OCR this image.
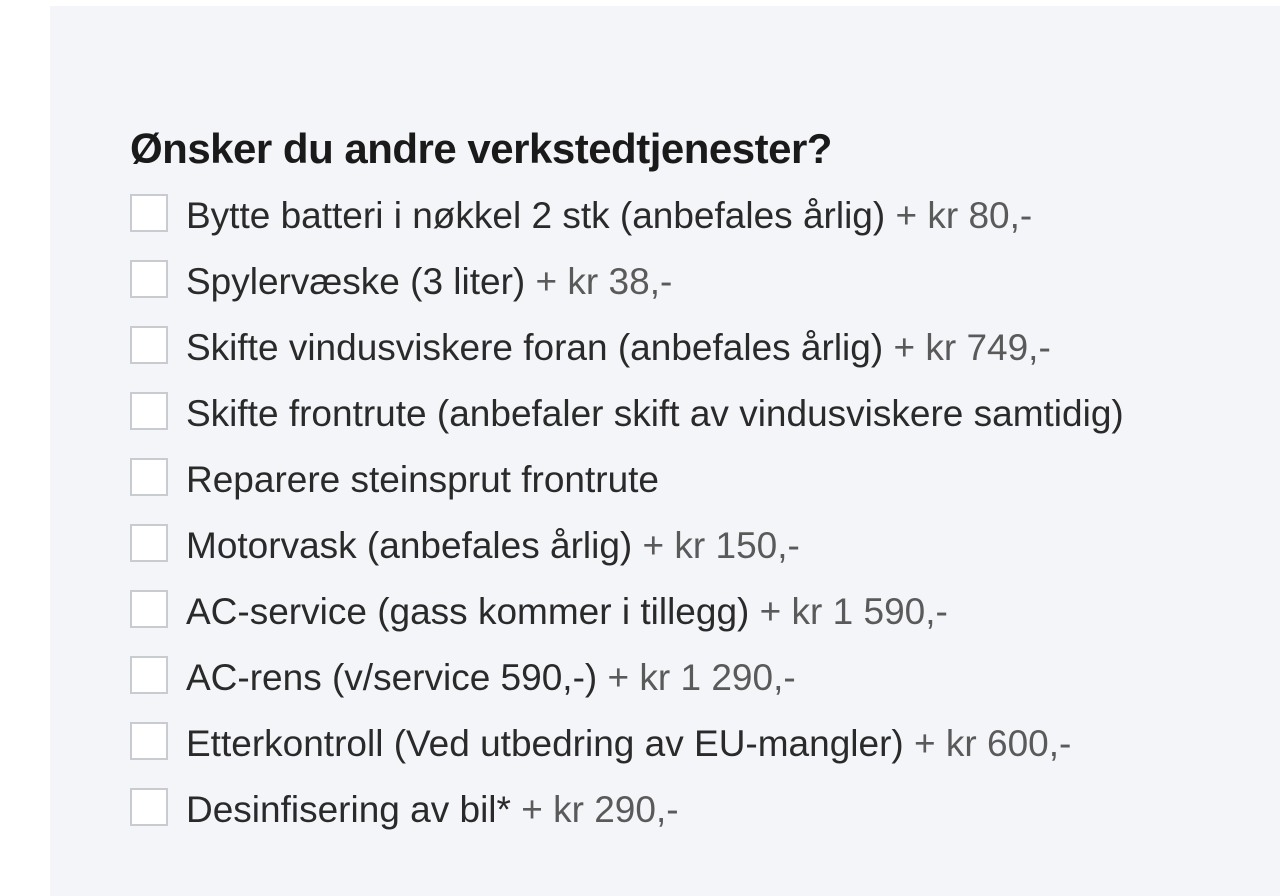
Ønsker du andre verkstedtjenester?
Bytte batteri i nøkkel 2 stk (anbefales årlig) + kr 80,-
Spylervæske (3 liter) + kr 38,-
Skifte vindusviskere foran (anbefales årlig) + kr 749,-
Skifte frontrute (anbefaler skift av vindusviskere samtidig)
Reparere steinsprut frontrute
Motorvask (anbefales årlig) + kr 150,-
AC-service (gass kommer i tillegg) + kr 1 590,-
AC-rens (v/service 590,-) + kr 1 290,-
Etterkontroll (Ved utbedring av EU-mangler) + kr 600,-
Desinfisering av bil* + kr 290,-
